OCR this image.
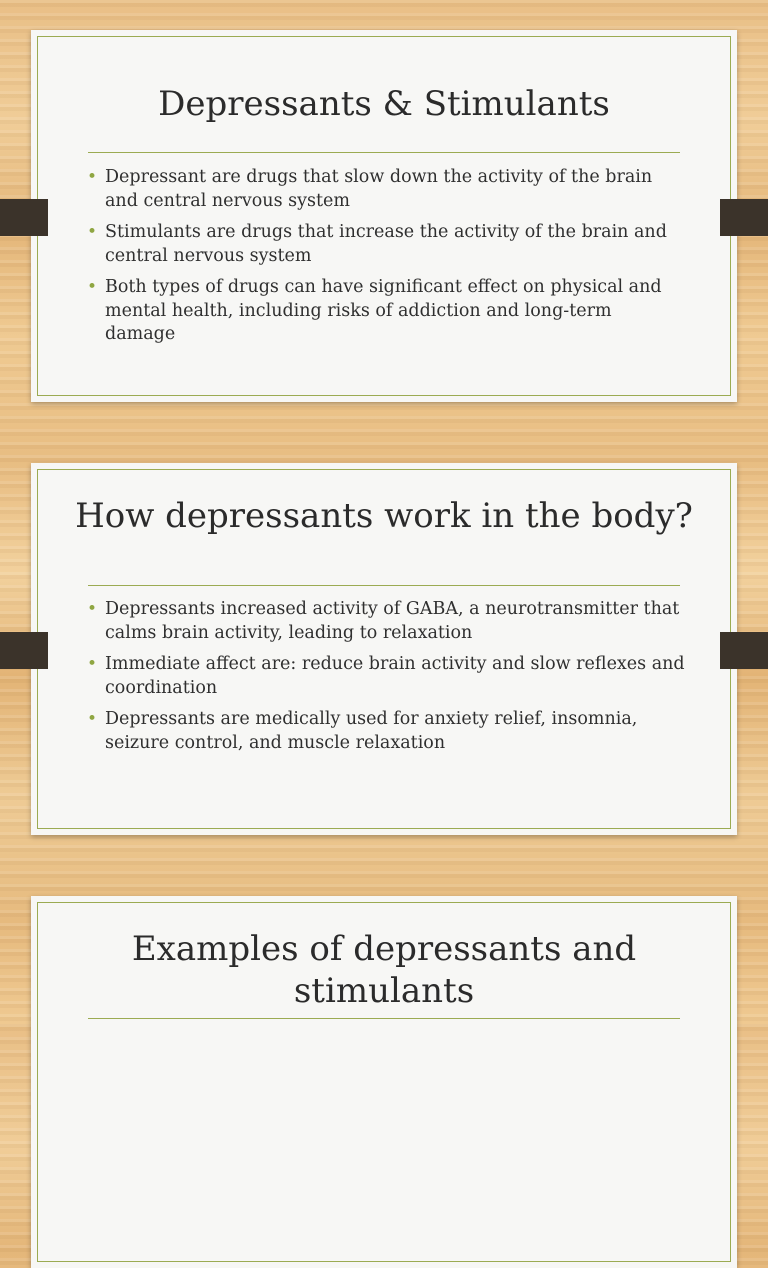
Depressants & Stimulants
• Depressant are drugs that slow down the activity of the brain and central nervous system
• Stimulants are drugs that increase the activity of the brain and central nervous system
• Both types of drugs can have significant effect on physical and mental health, including risks of addiction and long-term damage
How depressants work in the body?
• Depressants increased activity of GABA, a neurotransmitter that calms brain activity, leading to relaxation
• Immediate affect are: reduce brain activity and slow reflexes and coordination
• Depressants are medically used for anxiety relief, insomnia, seizure control, and muscle relaxation
Examples of depressants and stimulants
